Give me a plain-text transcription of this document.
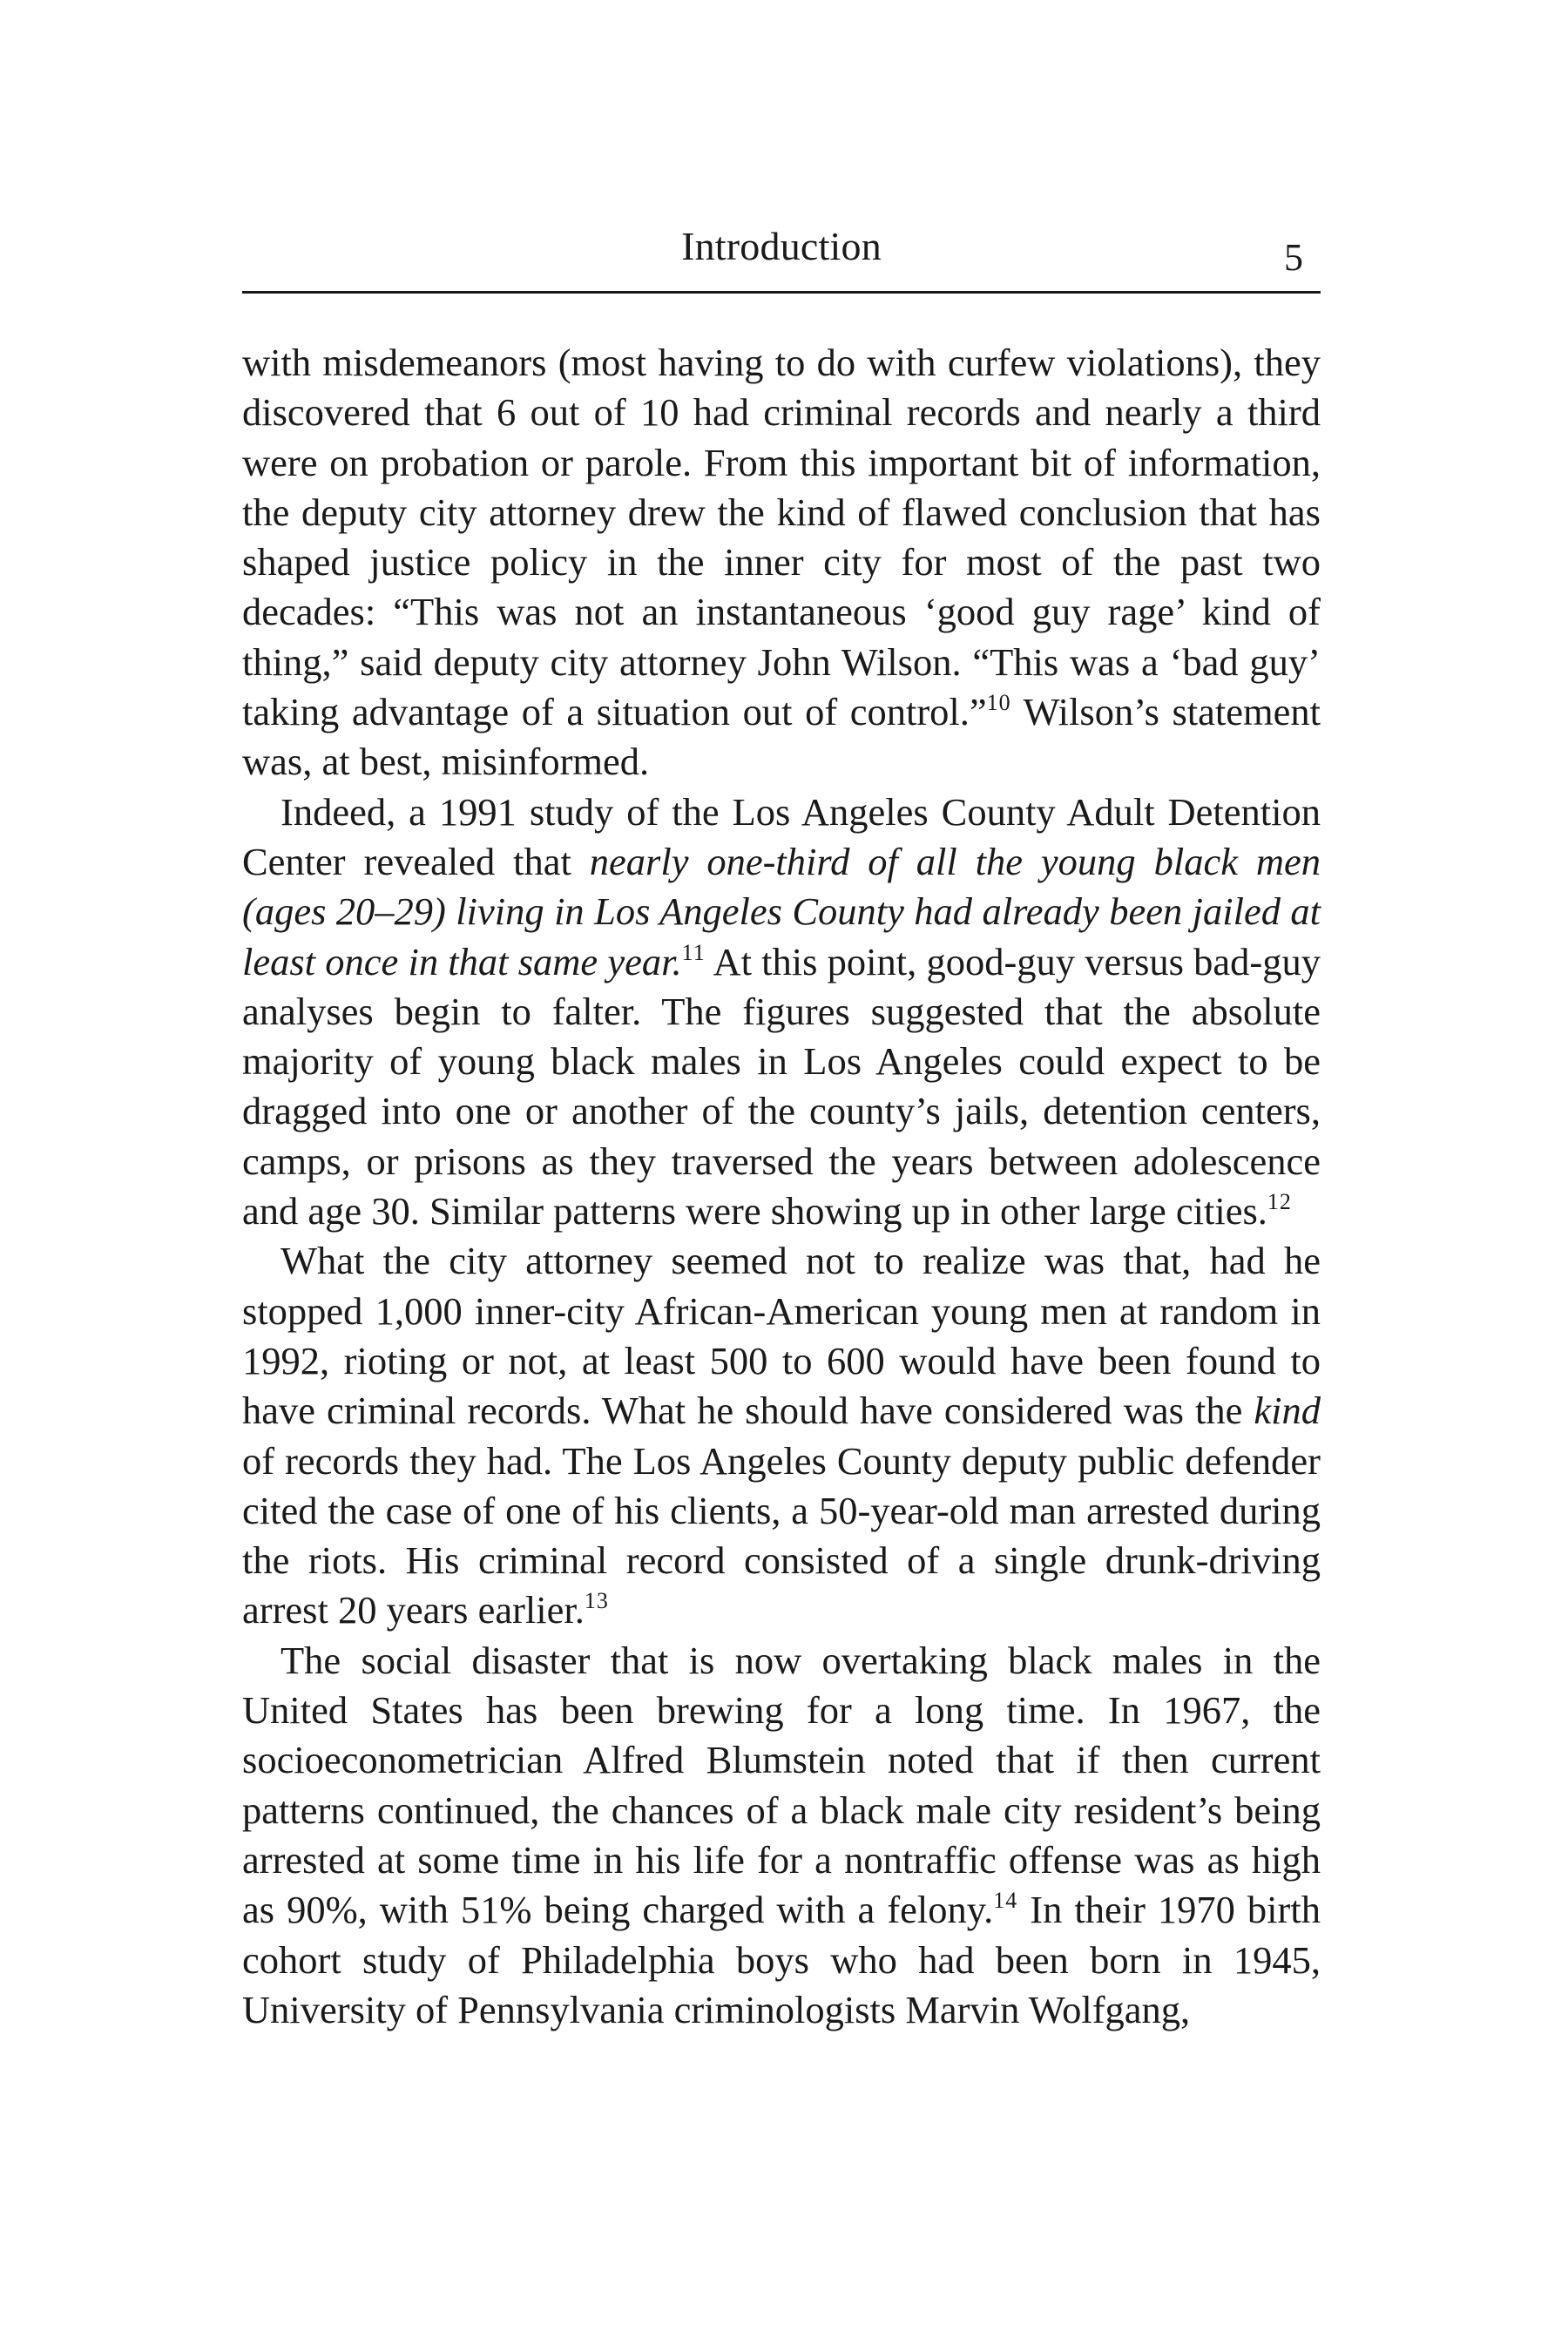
Introduction	5

with misdemeanors (most having to do with curfew violations), they discovered that 6 out of 10 had criminal records and nearly a third were on probation or parole. From this important bit of information, the deputy city attorney drew the kind of flawed conclusion that has shaped justice policy in the inner city for most of the past two decades: “This was not an instantaneous ‘good guy rage’ kind of thing,” said deputy city attorney John Wilson. “This was a ‘bad guy’ taking advantage of a situation out of control.”$^{10}$ Wilson’s statement was, at best, misinformed.

Indeed, a 1991 study of the Los Angeles County Adult Detention Center revealed that nearly one-third of all the young black men (ages 20–29) living in Los Angeles County had already been jailed at least once in that same year.$^{11}$ At this point, good-guy versus bad-guy analyses begin to falter. The figures suggested that the absolute majority of young black males in Los Angeles could expect to be dragged into one or another of the county’s jails, detention centers, camps, or prisons as they traversed the years between adolescence and age 30. Similar patterns were showing up in other large cities.$^{12}$

What the city attorney seemed not to realize was that, had he stopped 1,000 inner-city African-American young men at random in 1992, rioting or not, at least 500 to 600 would have been found to have criminal records. What he should have considered was the kind of records they had. The Los Angeles County deputy public defender cited the case of one of his clients, a 50-year-old man arrested during the riots. His criminal record consisted of a single drunk-driving arrest 20 years earlier.$^{13}$

The social disaster that is now overtaking black males in the United States has been brewing for a long time. In 1967, the socioeconometrician Alfred Blumstein noted that if then current patterns continued, the chances of a black male city resident’s being arrested at some time in his life for a nontraffic offense was as high as 90%, with 51% being charged with a felony.$^{14}$ In their 1970 birth cohort study of Philadelphia boys who had been born in 1945, University of Pennsylvania criminologists Marvin Wolfgang,
